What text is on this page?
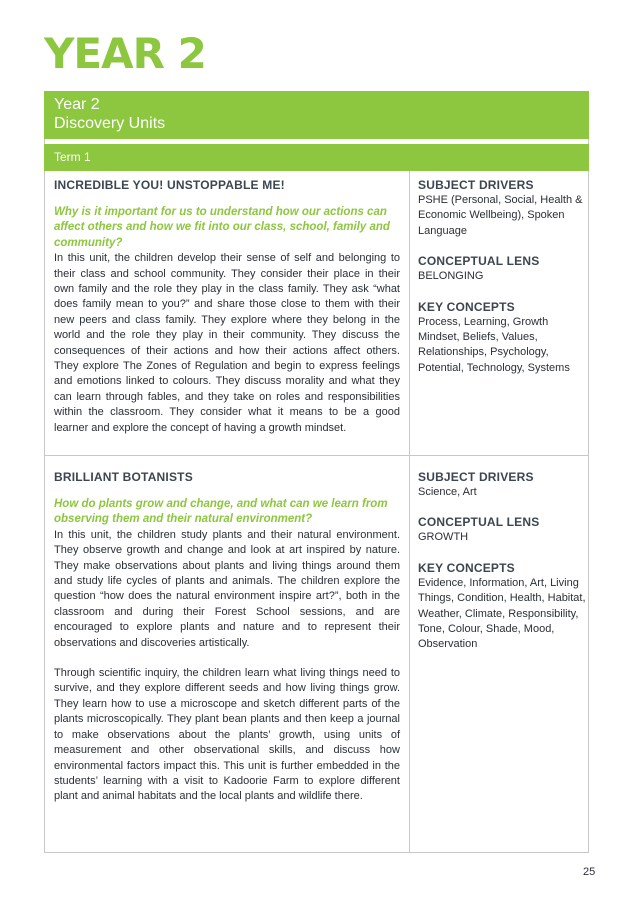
YEAR 2
Year 2
Discovery Units
Term 1

INCREDIBLE YOU! UNSTOPPABLE ME!

Why is it important for us to understand how our actions can affect others and how we fit into our class, school, family and community?

In this unit, the children develop their sense of self and belonging to their class and school community. They consider their place in their own family and the role they play in the class family. They ask “what does family mean to you?” and share those close to them with their new peers and class family. They explore where they belong in the world and the role they play in their community. They discuss the consequences of their actions and how their actions affect others. They explore The Zones of Regulation and begin to express feelings and emotions linked to colours. They discuss morality and what they can learn through fables, and they take on roles and responsibilities within the classroom. They consider what it means to be a good learner and explore the concept of having a growth mindset.

SUBJECT DRIVERS

PSHE (Personal, Social, Health & Economic Wellbeing), Spoken Language

CONCEPTUAL LENS

BELONGING

KEY CONCEPTS

Process, Learning, Growth Mindset, Beliefs, Values, Relationships, Psychology, Potential, Technology, Systems

BRILLIANT BOTANISTS

How do plants grow and change, and what can we learn from observing them and their natural environment?

In this unit, the children study plants and their natural environment. They observe growth and change and look at art inspired by nature. They make observations about plants and living things around them and study life cycles of plants and animals. The children explore the question “how does the natural environment inspire art?”, both in the classroom and during their Forest School sessions, and are encouraged to explore plants and nature and to represent their observations and discoveries artistically.

Through scientific inquiry, the children learn what living things need to survive, and they explore different seeds and how living things grow. They learn how to use a microscope and sketch different parts of the plants microscopically. They plant bean plants and then keep a journal to make observations about the plants’ growth, using units of measurement and other observational skills, and discuss how environmental factors impact this. This unit is further embedded in the students’ learning with a visit to Kadoorie Farm to explore different plant and animal habitats and the local plants and wildlife there.

SUBJECT DRIVERS

Science, Art

CONCEPTUAL LENS

GROWTH

KEY CONCEPTS

Evidence, Information, Art, Living Things, Condition, Health, Habitat, Weather, Climate, Responsibility, Tone, Colour, Shade, Mood, Observation

25
